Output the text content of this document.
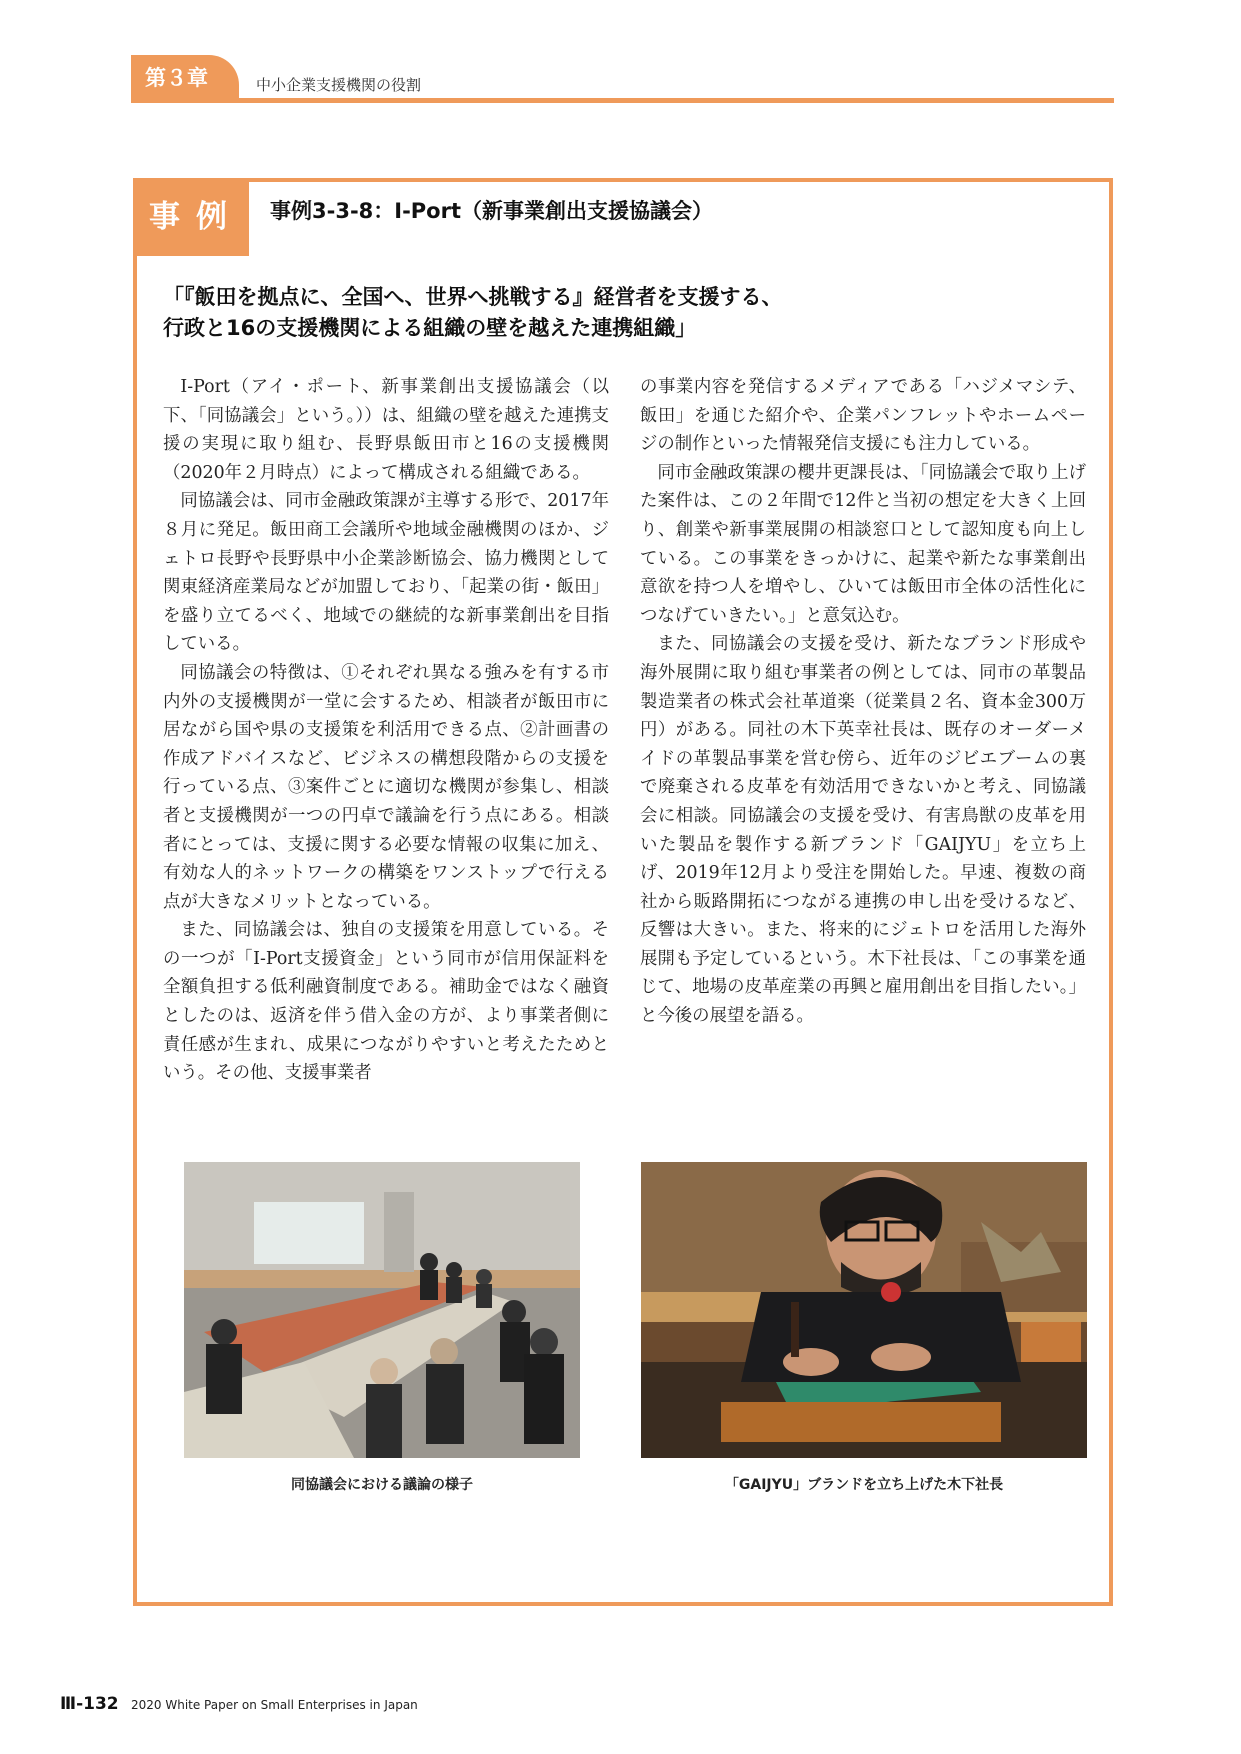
第３章	中小企業支援機関の役割
事例 事例3-3-8：I-Port（新事業創出支援協議会）
「『飯田を拠点に、全国へ、世界へ挑戦する』経営者を支援する、
行政と16の支援機関による組織の壁を越えた連携組織」

I-Port（アイ・ポート、新事業創出支援協議会（以下、「同協議会」という。））は、組織の壁を越えた連携支援の実現に取り組む、長野県飯田市と16の支援機関（2020年２月時点）によって構成される組織である。

同協議会は、同市金融政策課が主導する形で、2017年８月に発足。飯田商工会議所や地域金融機関のほか、ジェトロ長野や長野県中小企業診断協会、協力機関として関東経済産業局などが加盟しており、「起業の街・飯田」を盛り立てるべく、地域での継続的な新事業創出を目指している。

同協議会の特徴は、①それぞれ異なる強みを有する市内外の支援機関が一堂に会するため、相談者が飯田市に居ながら国や県の支援策を利活用できる点、②計画書の作成アドバイスなど、ビジネスの構想段階からの支援を行っている点、③案件ごとに適切な機関が参集し、相談者と支援機関が一つの円卓で議論を行う点にある。相談者にとっては、支援に関する必要な情報の収集に加え、有効な人的ネットワークの構築をワンストップで行える点が大きなメリットとなっている。

また、同協議会は、独自の支援策を用意している。その一つが「I-Port支援資金」という同市が信用保証料を全額負担する低利融資制度である。補助金ではなく融資としたのは、返済を伴う借入金の方が、より事業者側に責任感が生まれ、成果につながりやすいと考えたためという。その他、支援事業者

の事業内容を発信するメディアである「ハジメマシテ、飯田」を通じた紹介や、企業パンフレットやホームページの制作といった情報発信支援にも注力している。

同市金融政策課の櫻井更課長は、「同協議会で取り上げた案件は、この２年間で12件と当初の想定を大きく上回り、創業や新事業展開の相談窓口として認知度も向上している。この事業をきっかけに、起業や新たな事業創出意欲を持つ人を増やし、ひいては飯田市全体の活性化につなげていきたい。」と意気込む。

また、同協議会の支援を受け、新たなブランド形成や海外展開に取り組む事業者の例としては、同市の革製品製造業者の株式会社革道楽（従業員２名、資本金300万円）がある。同社の木下英幸社長は、既存のオーダーメイドの革製品事業を営む傍ら、近年のジビエブームの裏で廃棄される皮革を有効活用できないかと考え、同協議会に相談。同協議会の支援を受け、有害鳥獣の皮革を用いた製品を製作する新ブランド「GAIJYU」を立ち上げ、2019年12月より受注を開始した。早速、複数の商社から販路開拓につながる連携の申し出を受けるなど、反響は大きい。また、将来的にジェトロを活用した海外展開も予定しているという。木下社長は、「この事業を通じて、地場の皮革産業の再興と雇用創出を目指したい。」と今後の展望を語る。

同協議会における議論の様子	「GAIJYU」ブランドを立ち上げた木下社長
Ⅲ-132 2020 White Paper on Small Enterprises in Japan
